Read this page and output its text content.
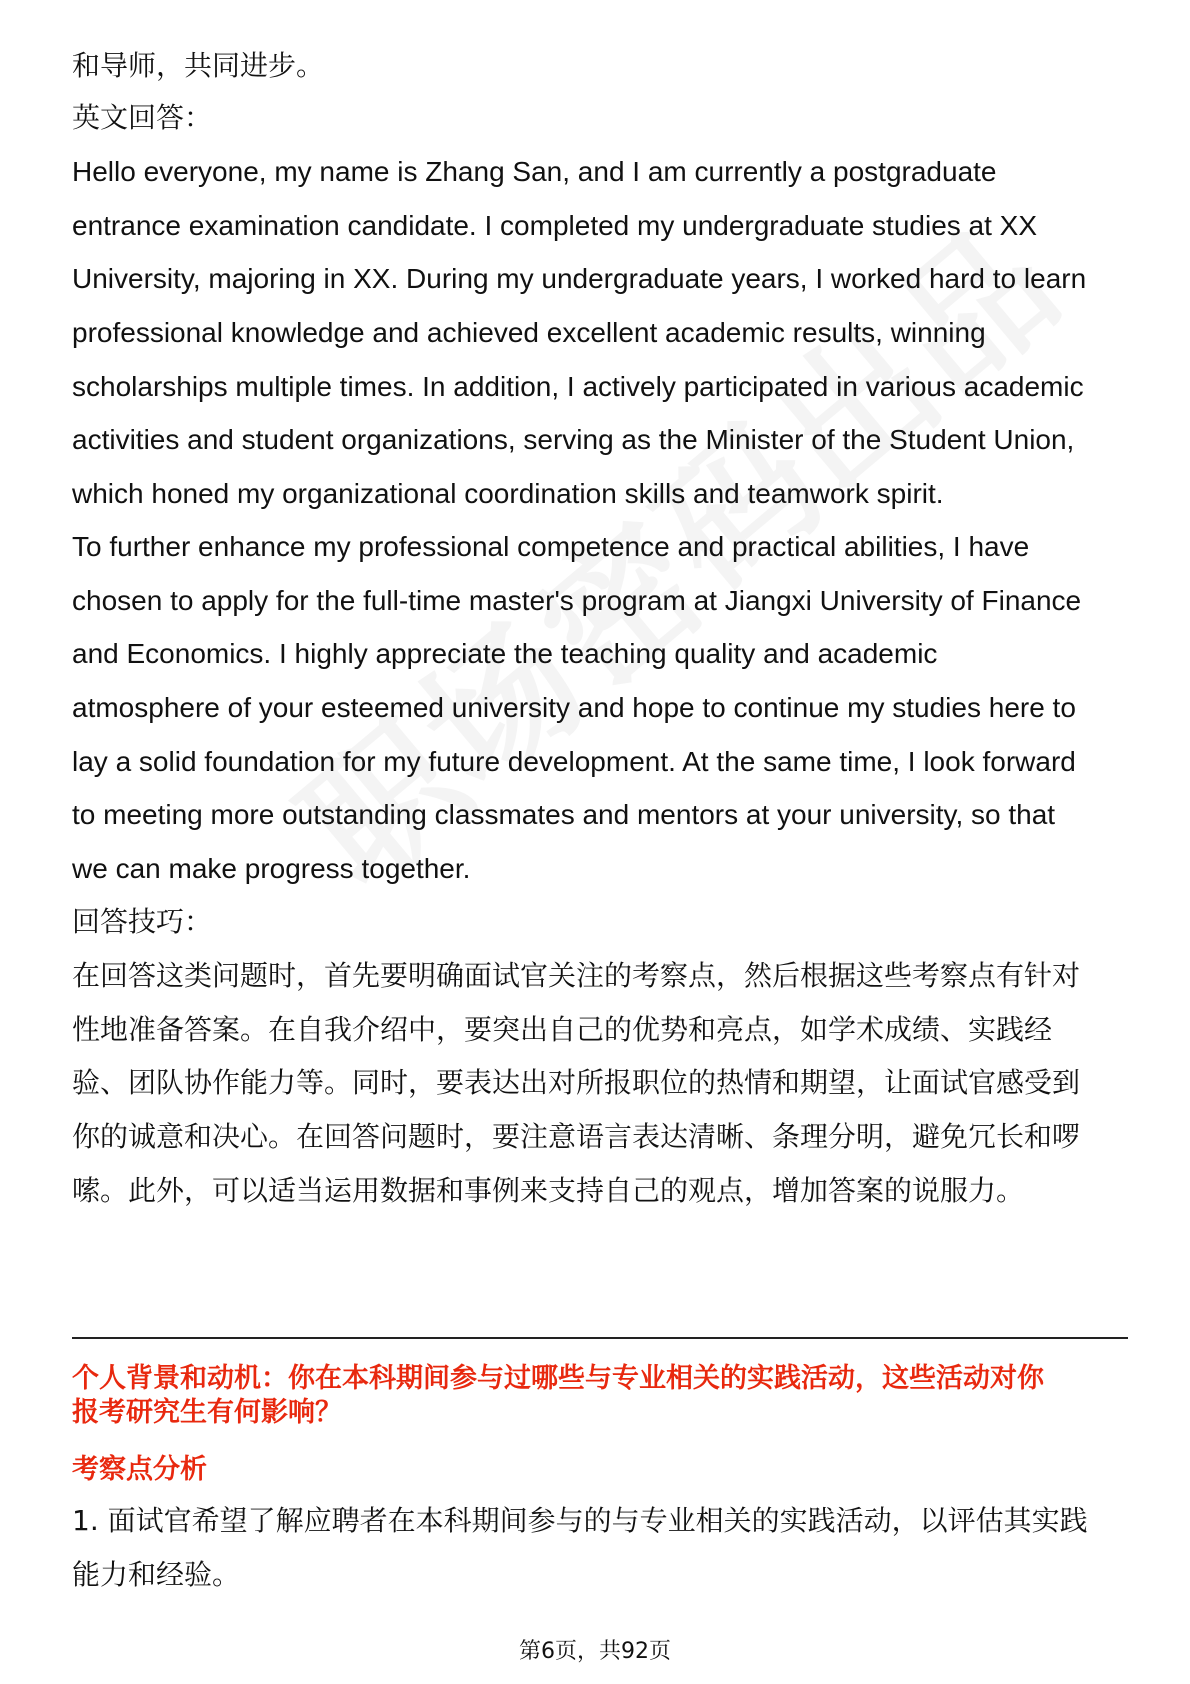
和导师，共同进步。
英文回答：
Hello everyone, my name is Zhang San, and I am currently a postgraduate
entrance examination candidate. I completed my undergraduate studies at XX
University, majoring in XX. During my undergraduate years, I worked hard to learn
professional knowledge and achieved excellent academic results, winning
scholarships multiple times. In addition, I actively participated in various academic
activities and student organizations, serving as the Minister of the Student Union,
which honed my organizational coordination skills and teamwork spirit.
To further enhance my professional competence and practical abilities, I have
chosen to apply for the full-time master's program at Jiangxi University of Finance
and Economics. I highly appreciate the teaching quality and academic
atmosphere of your esteemed university and hope to continue my studies here to
lay a solid foundation for my future development. At the same time, I look forward
to meeting more outstanding classmates and mentors at your university, so that
we can make progress together.
回答技巧：
在回答这类问题时，首先要明确面试官关注的考察点，然后根据这些考察点有针对
性地准备答案。在自我介绍中，要突出自己的优势和亮点，如学术成绩、实践经
验、团队协作能力等。同时，要表达出对所报职位的热情和期望，让面试官感受到
你的诚意和决心。在回答问题时，要注意语言表达清晰、条理分明，避免冗长和啰
嗦。此外，可以适当运用数据和事例来支持自己的观点，增加答案的说服力。
个人背景和动机：你在本科期间参与过哪些与专业相关的实践活动，这些活动对你
报考研究生有何影响？
考察点分析
1. 面试官希望了解应聘者在本科期间参与的与专业相关的实践活动，以评估其实践
能力和经验。
第6页，共92页
